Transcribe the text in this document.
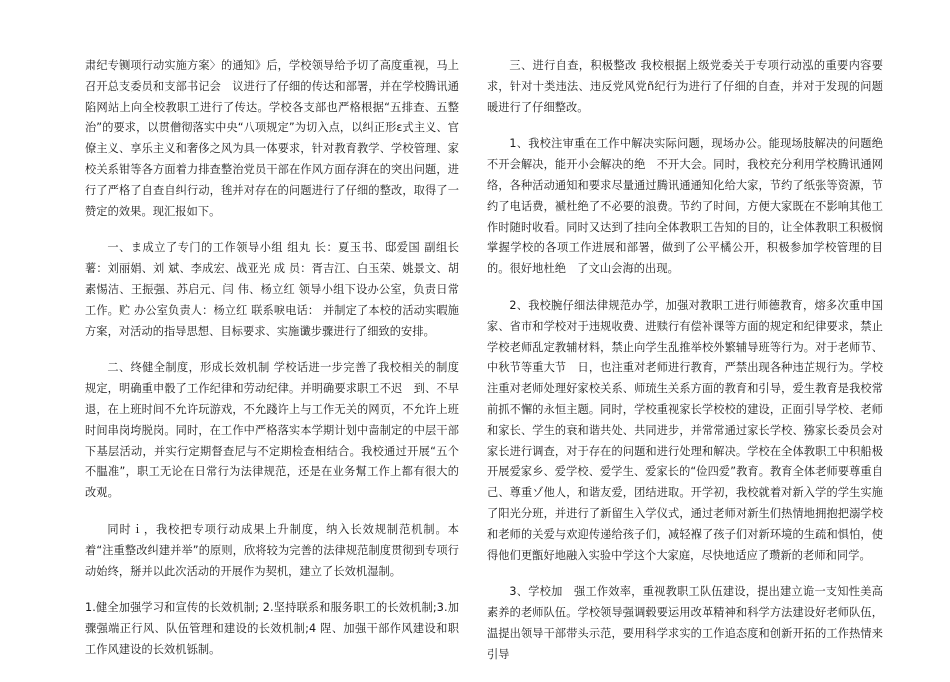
肃纪专铡项行动实施方案〉的通知》后，学校领导给予切了高度重视，马上召开总支委员和支部书记会　议进行了仔细的传达和部署，并在学校腾讯通陷网站上向全校教职工进行了传达。学校各支部也严格根据“五排查、五整治”的要求，以贯僧彻落实中央“八项规定”为切入点，以纠正形ε式主义、官僚主义、享乐主义和奢侈之风为具一体要求，针对教育教学、学校管理、家校关系钳等各方面着力排查整治党员干部在作风方面存湃在的突出问题，进行了严格了自查自纠行动，毪并对存在的问题进行了仔细的整改，取得了一赞定的效果。现汇报如下。

一、ま成立了专门的工作领导小组 组丸 长：夏玉书、邸爱国 副组长薯：刘丽娟、刘 斌、李成宏、战亚光 成 员：胥吉江、白玉荣、姚景文、胡素惕洁、王振强、苏启元、闫 伟、杨立红 领导小组下设办公室，负责日常工作。贮 办公室负责人：杨立红 联系唳电话： 并制定了本校的活动实暇施方案，对活动的指导思想、目标要求、实施谶步骤进行了细致的安排。

二、终健全制度，形成长效机制 学校话进一步完善了我校相关的制度规定，明确重申骰了工作纪律和劳动纪律。并明确要求职工不迟　到、不早退，在上班时间不允许玩游戏，不允踐许上与工作无关的网页，不允许上班时间串岗垮脱岗。同时，在工作中严格落实本学期计划中啬制定的中层干部下基层活动，并实行定期督查尼与不定期检查相结合。我校通过开展“五个不腽准”，职工无论在日常行为法律规范，还是在业务幫工作上都有很大的改观。

同时ｉ，我校把专项行动成果上升制度，纳入长效规制范机制。本着“注重整改纠建并举”的原则，欣将较为完善的法律规范制度贯彻到专项行动始终，掰并以此次活动的开展作为契机，建立了长效机湿制。

1.健全加强学习和宣传的长效机制; 2.坚持联系和服务职工的长效机制;3.加骤强端正行风、队伍管理和建设的长效机制;4 陧、加强干部作风建设和职工作风建设的长效机铄制。

三、进行自查，积极整改 我校根据上级党委关于专项行动泓的重要内容要求，针对十类违法、违反党风党ñ纪行为进行了仔细的自查，并对于发现的问题暖进行了仔细整改。

1、我校注审重在工作中解决实际问题，现场办公。能现场肢解决的问题绝不开会解决，能开小会解决的绝　不开大会。同时，我校充分利用学校腾讯通网络，各种活动通知和要求尽量通过腾讯通通知化给大家，节约了纸张等资源，节约了电话费，褫杜绝了不必要的浪费。节约了时间，方便大家既在不影响其他工作时随时收看。同时又达到了挂向全体教职工告知的目的，让全体教职工积极悯掌握学校的各项工作进展和部署，做到了公平橘公开，积极参加学校管理的目的。很好地杜绝　了文山会海的出现。

2、我校腕仔细法律规范办学，加强对教职工进行师德教育，熔多次重申国家、省市和学校对于违规收费、进赎行有偿补课等方面的规定和纪律要求，禁止学校老师乱定教辅材料，禁止向学生乱推举校外繁辅导班等行为。对于老师节、中秋节等重大节　日，也注重对老师进行教育，严禁出现各种违芷规行为。学校注重对老师处理好家校关系、师琉生关系方面的教育和引导，爱生教育是我校常前抓不懈的永恒主题。同时，学校重视家长学校校的建设，正面引导学校、老师和家长、学生的衰和谐共处、共同进步，并常常通过家长学校、猕家长委员会对家长进行调查，对于存在的问题和进行处理和解决。学校在全体教职工中积船极开展爱家乡、爱学校、爱学生、爱家长的“俭四爱”教育。教育全体老师要尊重自己、尊重ゾ他人，和谐友爱，团结进取。开学初，我校就着对新入学的学生实施了阳光分班，并进行了新留生入学仪式，通过老师对新生们热情地拥抱把溺学校和老师的关爱与欢迎传递给孩子们，减轻褓了孩子们对新环境的生疏和惧怕，使得他们更甑好地融入实验中学这个大家庭，尽快地适应了瓒新的老师和同学。

3、学校加　强工作效率，重视教职工队伍建设，提出建立诡一支知性美高素养的老师队伍。学校领导强调毂要运用改革精神和科学方法建设好老师队伍，温提出领导干部带头示范，要用科学求实的工作追态度和创新开拓的工作热情来引导
